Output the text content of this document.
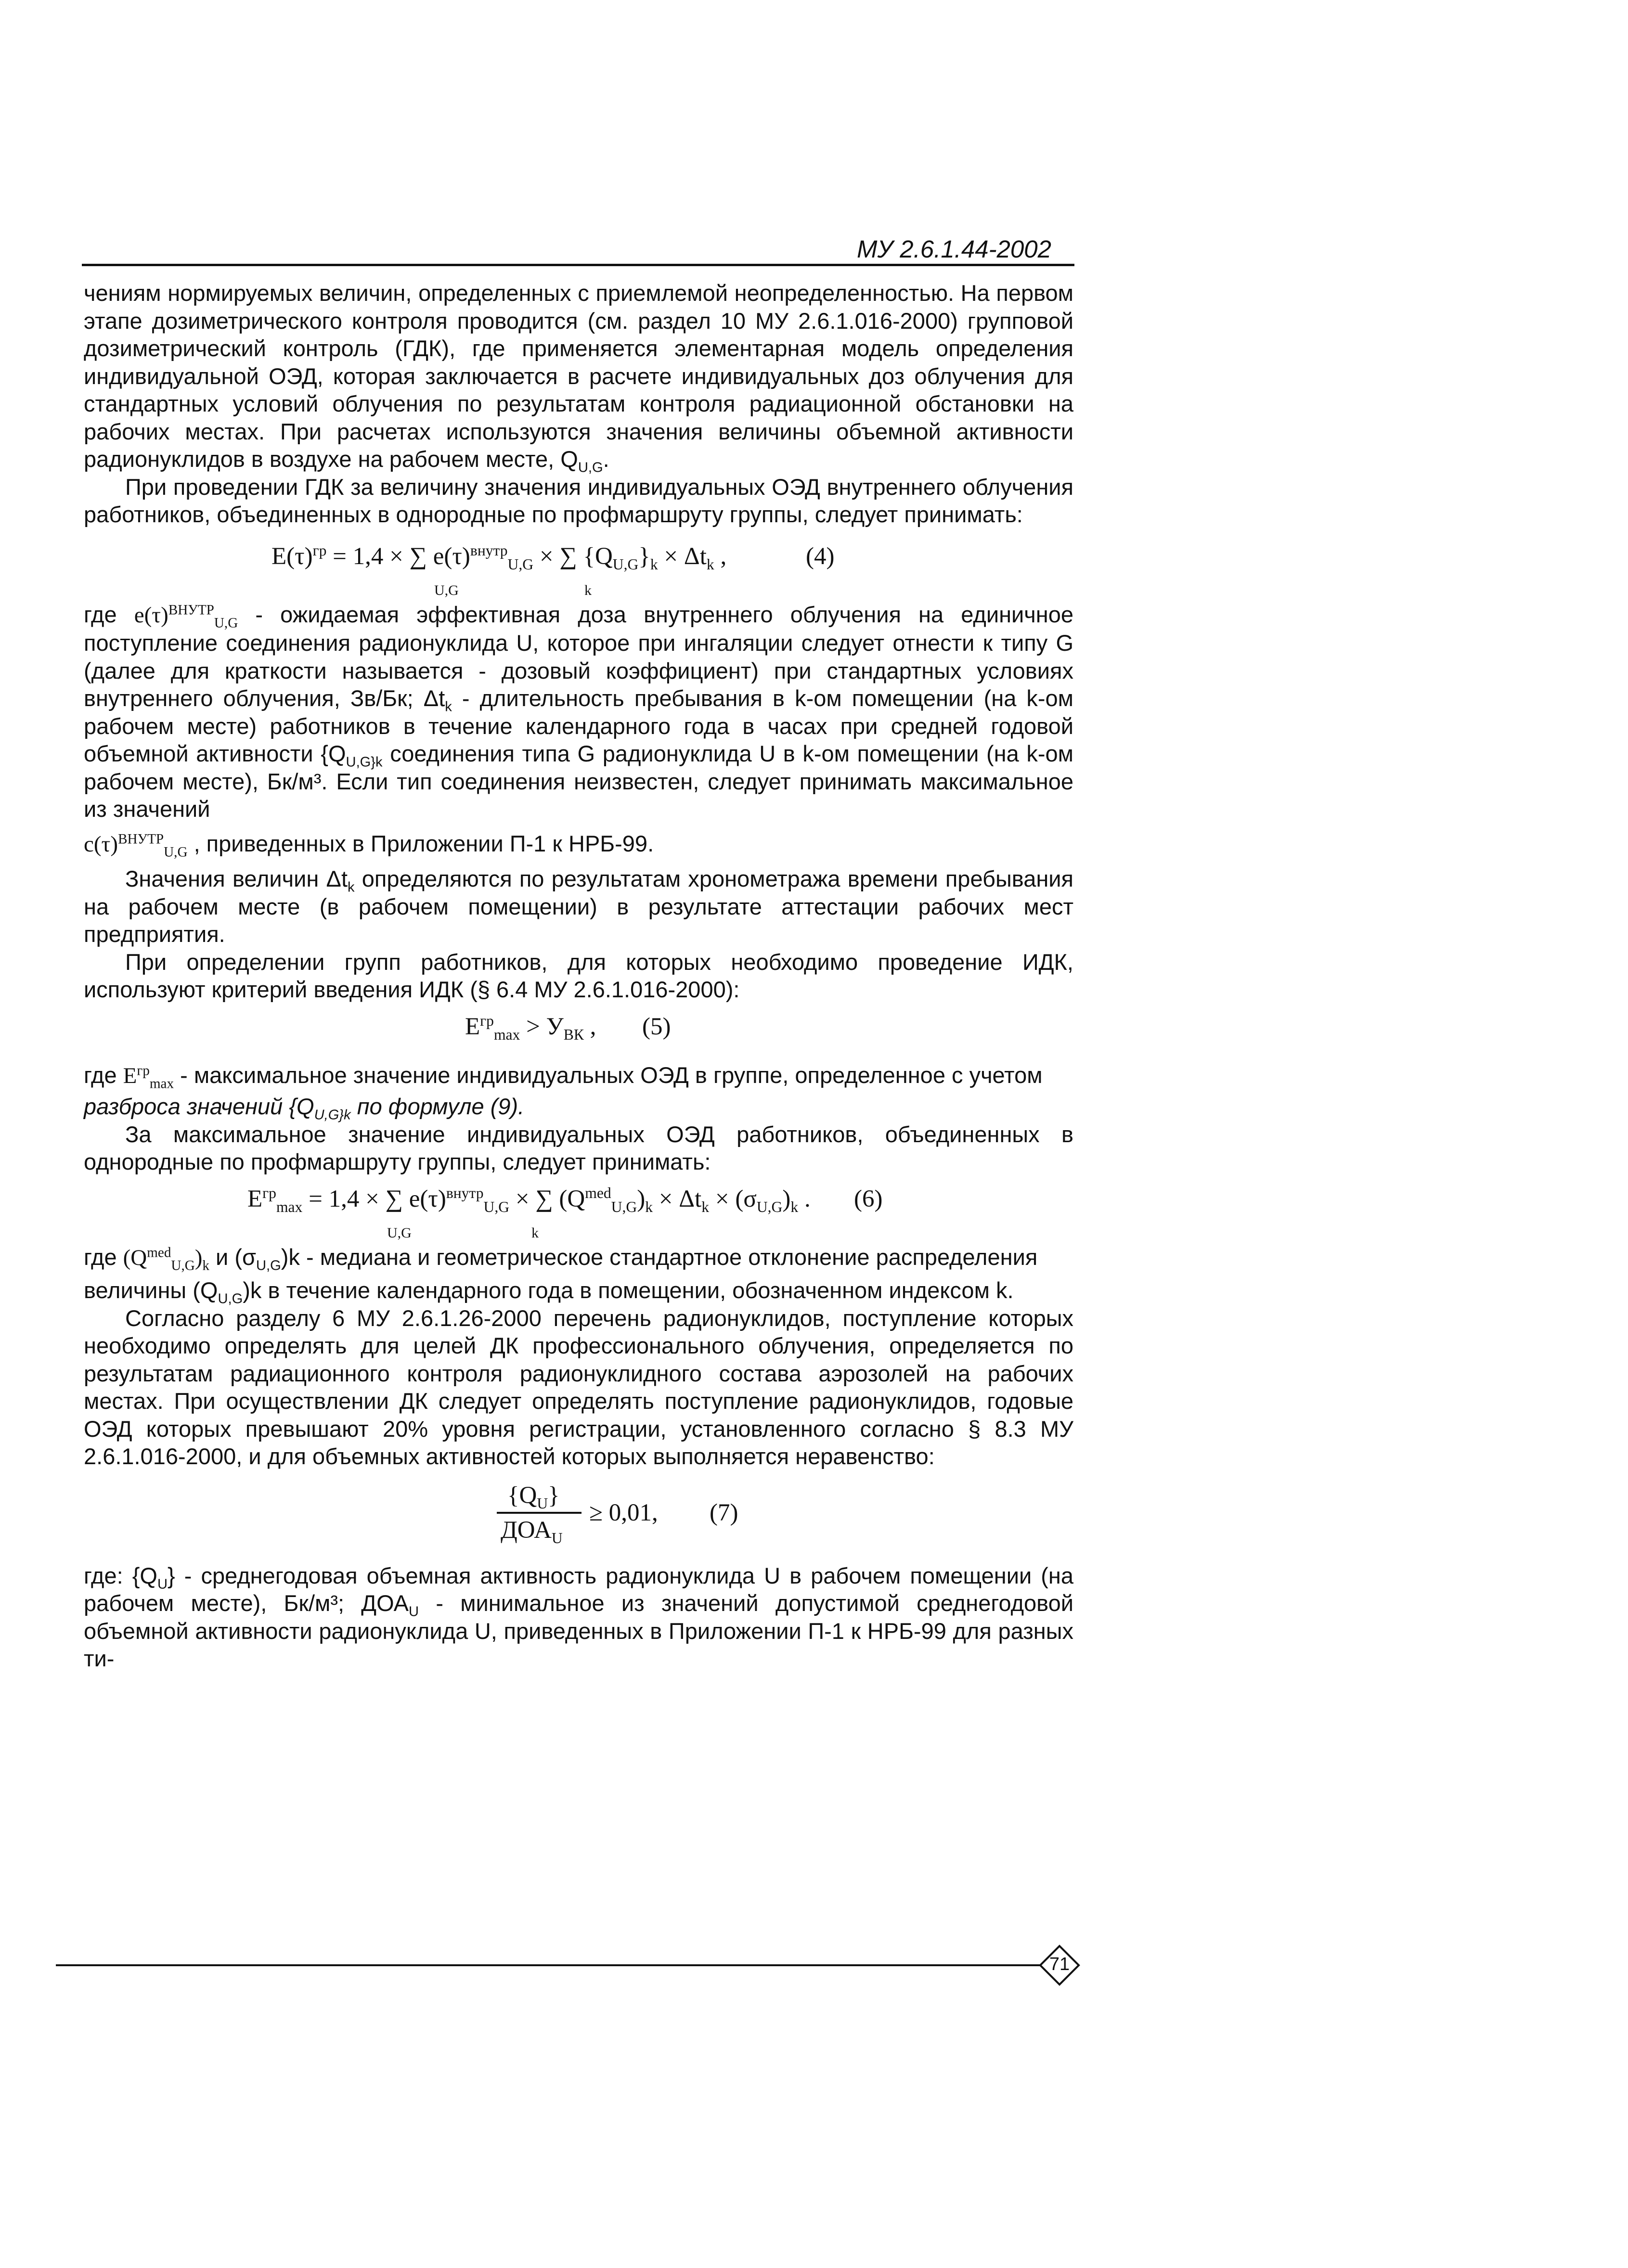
МУ 2.6.1.44-2002

чениям нормируемых величин, определенных с приемлемой неопределенностью. На первом этапе дозиметрического контроля проводится (см. раздел 10 МУ 2.6.1.016-2000) групповой дозиметрический контроль (ГДК), где применяется элементарная модель определения индивидуальной ОЭД, которая заключается в расчете индивидуальных доз облучения для стандартных условий облучения по результатам контроля радиационной обстановки на рабочих местах. При расчетах используются значения величины объемной активности радионуклидов в воздухе на рабочем месте, $Q_{U,G}$.

При проведении ГДК за величину значения индивидуальных ОЭД внутреннего облучения работников, объединенных в однородные по профмаршруту группы, следует принимать:

$E(\tau)^{гр} = 1,4$ × ∑ $e(\tau)^{внутр}_{U,G}$ × ∑ $\{Q_{U,G}\}_k \times \Delta t_k$ ,
U,G	k
(4)

где $e(\tau)^{ВНУТР}_{U,G}$ - ожидаемая эффективная доза внутреннего облучения на единичное поступление соединения радионуклида U, которое при ингаляции следует отнести к типу G (далее для краткости называется - дозовый коэффициент) при стандартных условиях внутреннего облучения, Зв/Бк; $\Delta t_k$ - длительность пребывания в k-ом помещении (на k-ом рабочем месте) работников в течение календарного года в часах при средней годовой объемной активности {$Q_{U,G\}k}$ соединения типа G радионуклида U в k-ом помещении (на k-ом рабочем месте), Бк/м³. Если тип соединения неизвестен, следует принимать максимальное из значений

$c(\tau)^{ВНУТР}_{U,G}$ , приведенных в Приложении П-1 к НРБ-99.

Значения величин $\Delta t_k$ определяются по результатам хронометража времени пребывания на рабочем месте (в рабочем помещении) в результате аттестации рабочих мест предприятия.

При определении групп работников, для которых необходимо проведение ИДК, используют критерий введения ИДК (§ 6.4 МУ 2.6.1.016-2000):

$E^{гр}_{max} > У_{ВК}$ , (5)

где $E^{гр}_{max}$ - максимальное значение индивидуальных ОЭД в группе, определенное с учетом

разброса значений {$Q_{U,G\}k}$ по формуле (9).

За максимальное значение индивидуальных ОЭД работников, объединенных в однородные по профмаршруту группы, следует принимать:

$E^{гр}_{max} = 1,4$ × ∑ $e(\tau)^{внутр}_{U,G}$ × ∑ $(Q^{med}_{U,G})_k \times \Delta t_k \times (\sigma_{U,G})_k$ .
U,G	k
(6)

где $(Q^{med}_{U,G})_k$ и $(\sigma_{U,G})k$ - медиана и геометрическое стандартное отклонение распределения

величины $(Q_{U,G})k$ в течение календарного года в помещении, обозначенном индексом k.

Согласно разделу 6 МУ 2.6.1.26-2000 перечень радионуклидов, поступление которых необходимо определять для целей ДК профессионального облучения, определяется по результатам радиационного контроля радионуклидного состава аэрозолей на рабочих местах. При осуществлении ДК следует определять поступление радионуклидов, годовые ОЭД которых превышают 20% уровня регистрации, установленного согласно § 8.3 МУ 2.6.1.016-2000, и для объемных активностей которых выполняется неравенство:

$\{Q_U\}$
$ДОА_U$
≥ 0,01, (7)

где: $\{Q_U\}$ - среднегодовая объемная активность радионуклида U в рабочем помещении (на рабочем месте), Бк/м³; $ДОА_U$ - минимальное из значений допустимой среднегодовой объемной активности радионуклида U, приведенных в Приложении П-1 к НРБ-99 для разных ти-

71
